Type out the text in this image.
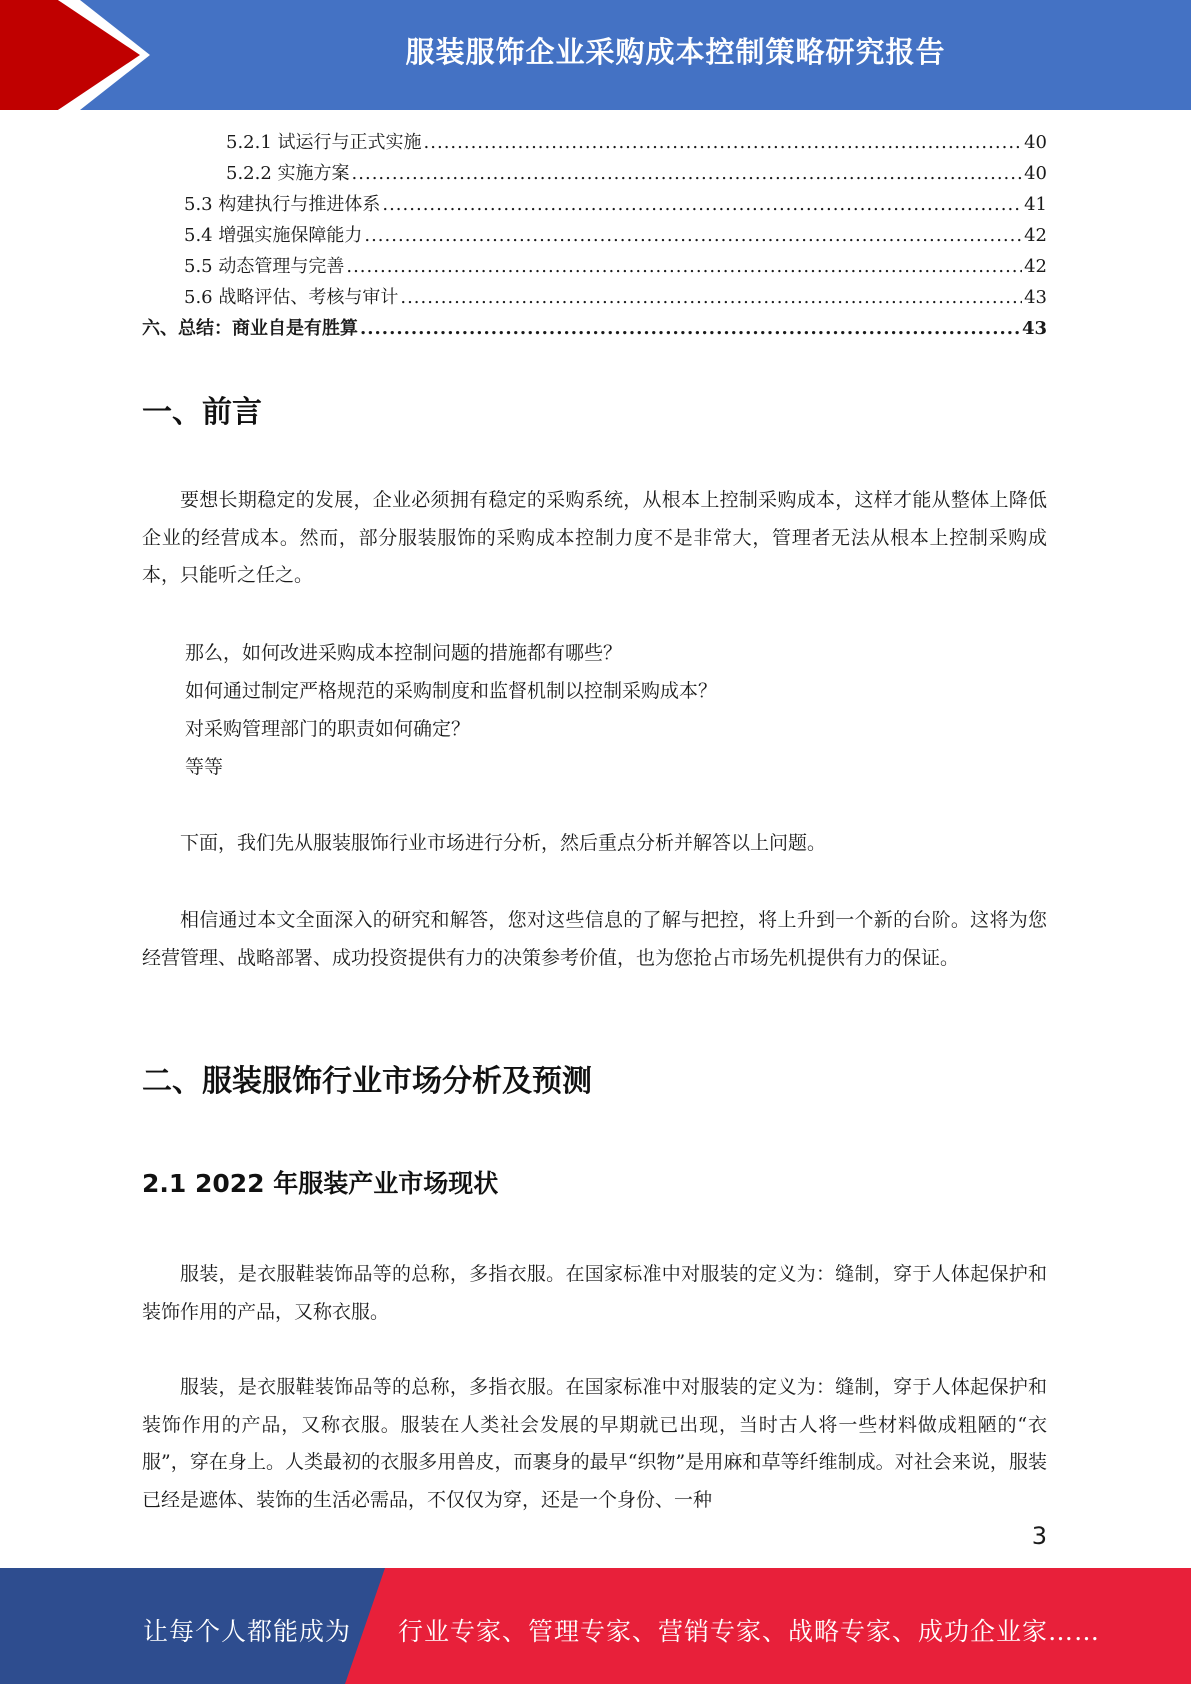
服装服饰企业采购成本控制策略研究报告
5.2.1 试运行与正式实施 .....	40
5.2.2 实施方案 .....	40
5.3 构建执行与推进体系 .....	41
5.4 增强实施保障能力 .....	42
5.5 动态管理与完善 .....	42
5.6 战略评估、考核与审计 .....	43
六、总结：商业自是有胜算 .....	43
一、前言
要想长期稳定的发展，企业必须拥有稳定的采购系统，从根本上控制采购成本，这样才能从整体上降低企业的经营成本。然而，部分服装服饰的采购成本控制力度不是非常大，管理者无法从根本上控制采购成本，只能听之任之。
那么，如何改进采购成本控制问题的措施都有哪些？
如何通过制定严格规范的采购制度和监督机制以控制采购成本？
对采购管理部门的职责如何确定？
等等
下面，我们先从服装服饰行业市场进行分析，然后重点分析并解答以上问题。
相信通过本文全面深入的研究和解答，您对这些信息的了解与把控，将上升到一个新的台阶。这将为您经营管理、战略部署、成功投资提供有力的决策参考价值，也为您抢占市场先机提供有力的保证。
二、服装服饰行业市场分析及预测
2.1 2022 年服装产业市场现状
服装，是衣服鞋装饰品等的总称，多指衣服。在国家标准中对服装的定义为：缝制，穿于人体起保护和装饰作用的产品，又称衣服。
服装，是衣服鞋装饰品等的总称，多指衣服。在国家标准中对服装的定义为：缝制，穿于人体起保护和装饰作用的产品，又称衣服。服装在人类社会发展的早期就已出现，当时古人将一些材料做成粗陋的“衣服”，穿在身上。人类最初的衣服多用兽皮，而裹身的最早“织物”是用麻和草等纤维制成。对社会来说，服装已经是遮体、装饰的生活必需品，不仅仅为穿，还是一个身份、一种
3
让每个人都能成为 行业专家、管理专家、营销专家、战略专家、成功企业家……
